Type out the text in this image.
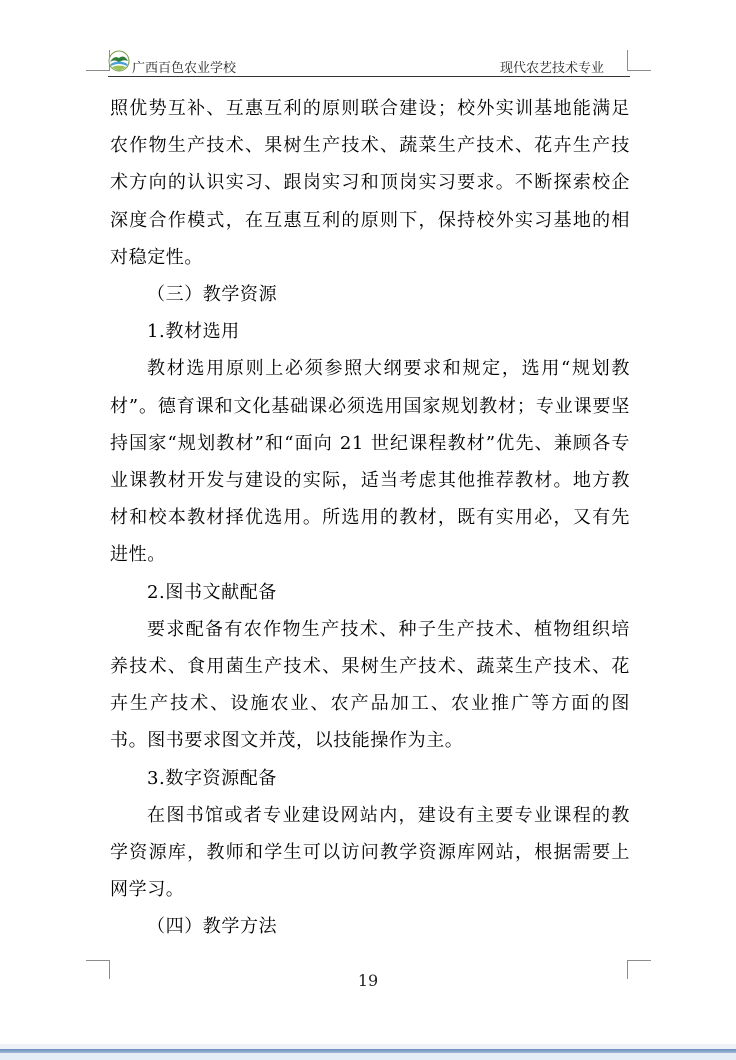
广西百色农业学校	现代农艺技术专业

照优势互补、互惠互利的原则联合建设；校外实训基地能满足农作物生产技术、果树生产技术、蔬菜生产技术、花卉生产技术方向的认识实习、跟岗实习和顶岗实习要求。不断探索校企深度合作模式，在互惠互利的原则下，保持校外实习基地的相对稳定性。

（三）教学资源

1.教材选用

教材选用原则上必须参照大纲要求和规定，选用“规划教材”。德育课和文化基础课必须选用国家规划教材；专业课要坚持国家“规划教材”和“面向 21 世纪课程教材”优先、兼顾各专业课教材开发与建设的实际，适当考虑其他推荐教材。地方教材和校本教材择优选用。所选用的教材，既有实用必，又有先进性。

2.图书文献配备

要求配备有农作物生产技术、种子生产技术、植物组织培养技术、食用菌生产技术、果树生产技术、蔬菜生产技术、花卉生产技术、设施农业、农产品加工、农业推广等方面的图书。图书要求图文并茂，以技能操作为主。

3.数字资源配备

在图书馆或者专业建设网站内，建设有主要专业课程的教学资源库，教师和学生可以访问教学资源库网站，根据需要上网学习。

（四）教学方法

19
